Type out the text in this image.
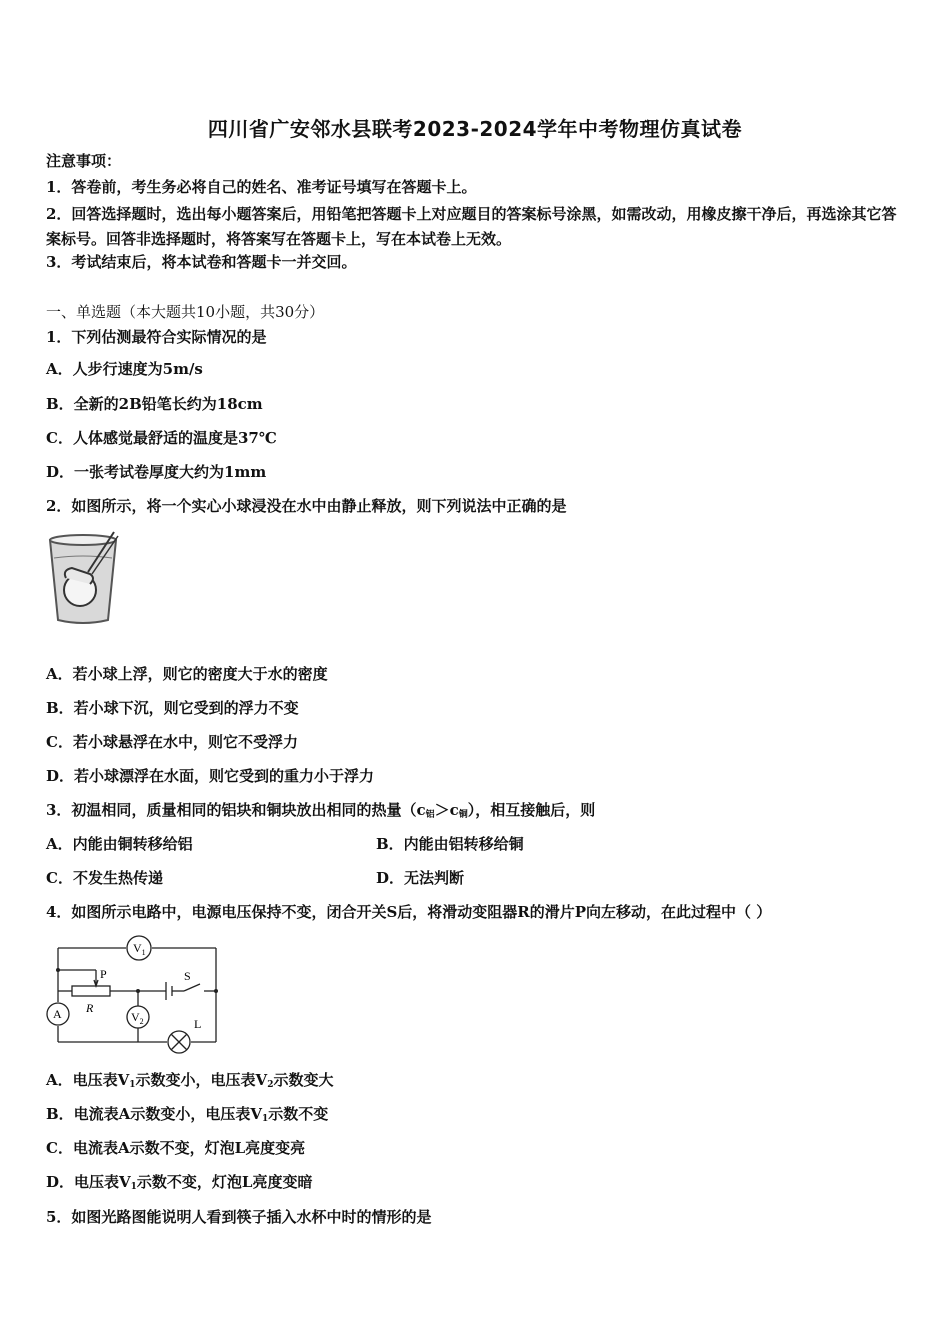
四川省广安邻水县联考2023-2024学年中考物理仿真试卷
注意事项：
1．答卷前，考生务必将自己的姓名、准考证号填写在答题卡上。
2．回答选择题时，选出每小题答案后，用铅笔把答题卡上对应题目的答案标号涂黑，如需改动，用橡皮擦干净后，再选涂其它答案标号。回答非选择题时，将答案写在答题卡上，写在本试卷上无效。
3．考试结束后，将本试卷和答题卡一并交回。
一、单选题（本大题共10小题，共30分）
1．下列估测最符合实际情况的是
A．人步行速度为5m/s
B．全新的2B铅笔长约为18cm
C．人体感觉最舒适的温度是37℃
D．一张考试卷厚度大约为1mm
2．如图所示，将一个实心小球浸没在水中由静止释放，则下列说法中正确的是
A．若小球上浮，则它的密度大于水的密度
B．若小球下沉，则它受到的浮力不变
C．若小球悬浮在水中，则它不受浮力
D．若小球漂浮在水面，则它受到的重力小于浮力
3．初温相同，质量相同的铝块和铜块放出相同的热量$(c_铝>c_铜)$，相互接触后，则
A．内能由铜转移给铝	B．内能由铝转移给铜
C．不发生热传递	D．无法判断
4．如图所示电路中，电源电压保持不变，闭合开关S后，将滑动变阻器R的滑片P向左移动，在此过程中（ ）
$V_1$
A	$V_2$
P
R
S
L
A．电压表$V_1$示数变小，电压表$V_2$示数变大
B．电流表A示数变小，电压表$V_1$示数不变
C．电流表A示数不变，灯泡L亮度变亮
D．电压表$V_1$示数不变，灯泡L亮度变暗
5．如图光路图能说明人看到筷子插入水杯中时的情形的是
